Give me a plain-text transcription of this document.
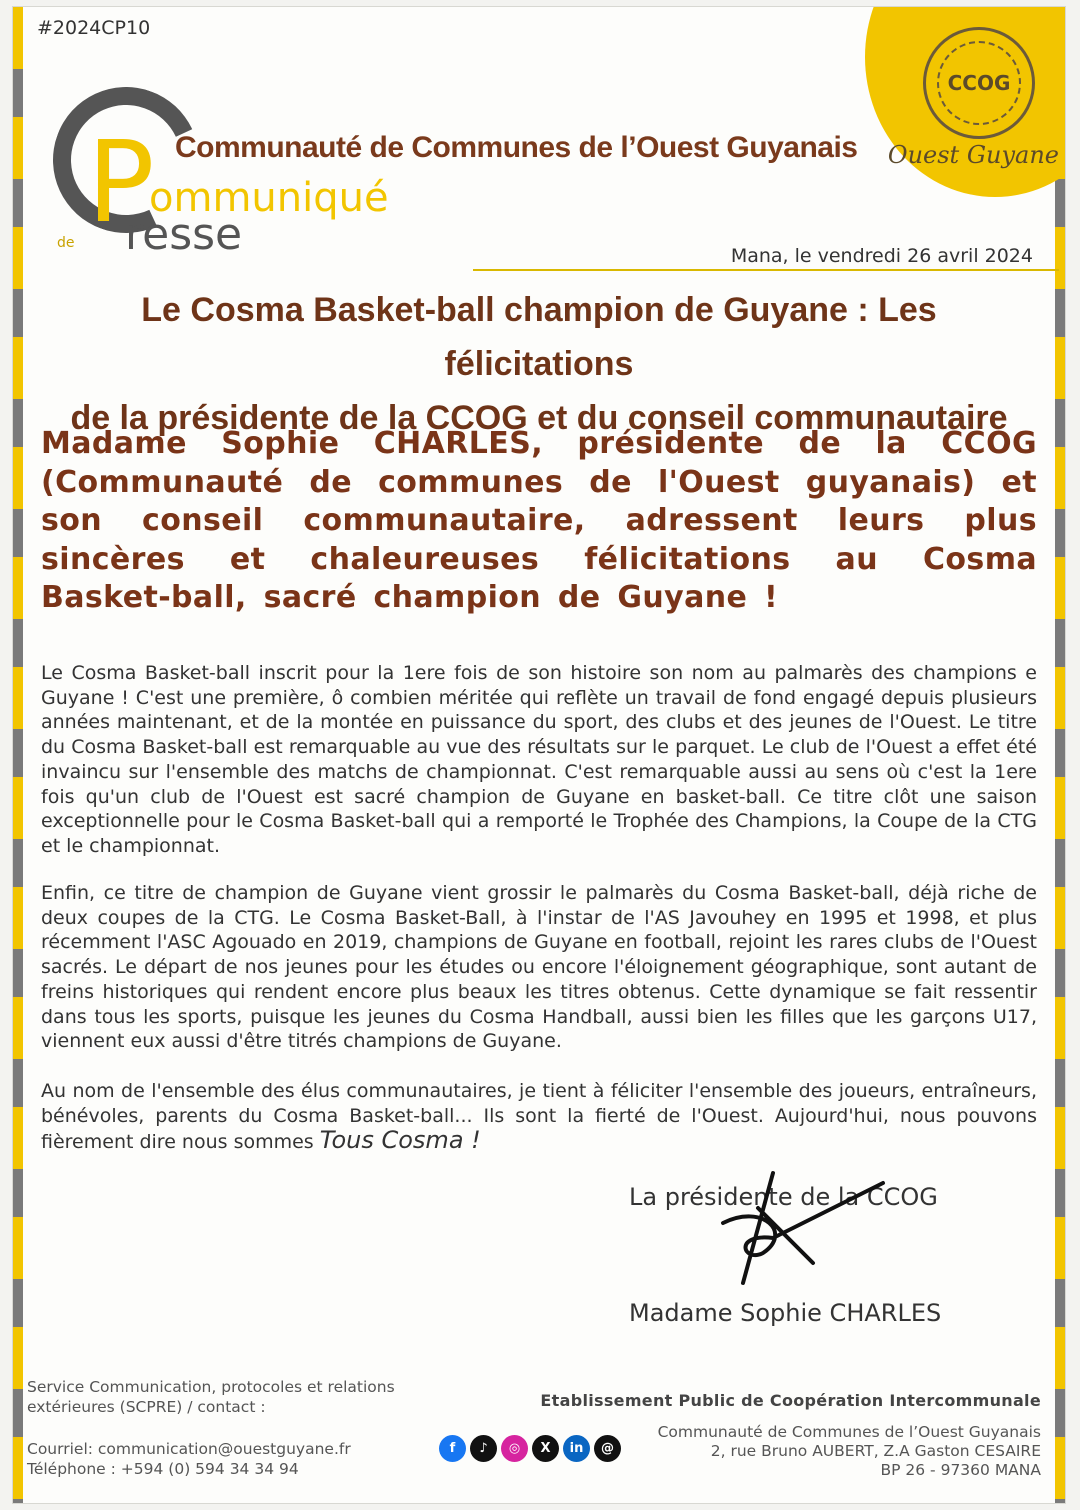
CCOG
Ouest Guyane
#2024CP10
P Communauté de Communes de l’Ouest Guyanais
ommuniqué
de resse	Mana, le vendredi 26 avril 2024
Le Cosma Basket-ball champion de Guyane : Les félicitations
de la présidente de la CCOG et du conseil communautaire
Madame Sophie CHARLES, présidente de la CCOG (Communauté de communes de l'Ouest guyanais) et son conseil communautaire, adressent leurs plus sincères et chaleureuses félicitations au Cosma Basket-ball, sacré champion de Guyane !
Le Cosma Basket-ball inscrit pour la 1ere fois de son histoire son nom au palmarès des champions e Guyane ! C'est une première, ô combien méritée qui reflète un travail de fond engagé depuis plusieurs années maintenant, et de la montée en puissance du sport, des clubs et des jeunes de l'Ouest. Le titre du Cosma Basket-ball est remarquable au vue des résultats sur le parquet. Le club de l'Ouest a effet été invaincu sur l'ensemble des matchs de championnat. C'est remarquable aussi au sens où c'est la 1ere fois qu'un club de l'Ouest est sacré champion de Guyane en basket-ball. Ce titre clôt une saison exceptionnelle pour le Cosma Basket-ball qui a remporté le Trophée des Champions, la Coupe de la CTG et le championnat.
Enfin, ce titre de champion de Guyane vient grossir le palmarès du Cosma Basket-ball, déjà riche de deux coupes de la CTG. Le Cosma Basket-Ball, à l'instar de l'AS Javouhey en 1995 et 1998, et plus récemment l'ASC Agouado en 2019, champions de Guyane en football, rejoint les rares clubs de l'Ouest sacrés. Le départ de nos jeunes pour les études ou encore l'éloignement géographique, sont autant de freins historiques qui rendent encore plus beaux les titres obtenus. Cette dynamique se fait ressentir dans tous les sports, puisque les jeunes du Cosma Handball, aussi bien les filles que les garçons U17, viennent eux aussi d'être titrés champions de Guyane.
Au nom de l'ensemble des élus communautaires, je tient à féliciter l'ensemble des joueurs, entraîneurs, bénévoles, parents du Cosma Basket-ball... Ils sont la fierté de l'Ouest. Aujourd'hui, nous pouvons fièrement dire nous sommes Tous Cosma !
La présidente de la CCOG
Madame Sophie CHARLES
Service Communication, protocoles et relations
extérieures (SCPRE) / contact :
Courriel: communication@ouestguyane.fr
Téléphone : +594 (0) 594 34 34 94
f	♪	◎	X	in	@
Etablissement Public de Coopération Intercommunale
Communauté de Communes de l’Ouest Guyanais
2, rue Bruno AUBERT, Z.A Gaston CESAIRE
BP 26 - 97360 MANA
